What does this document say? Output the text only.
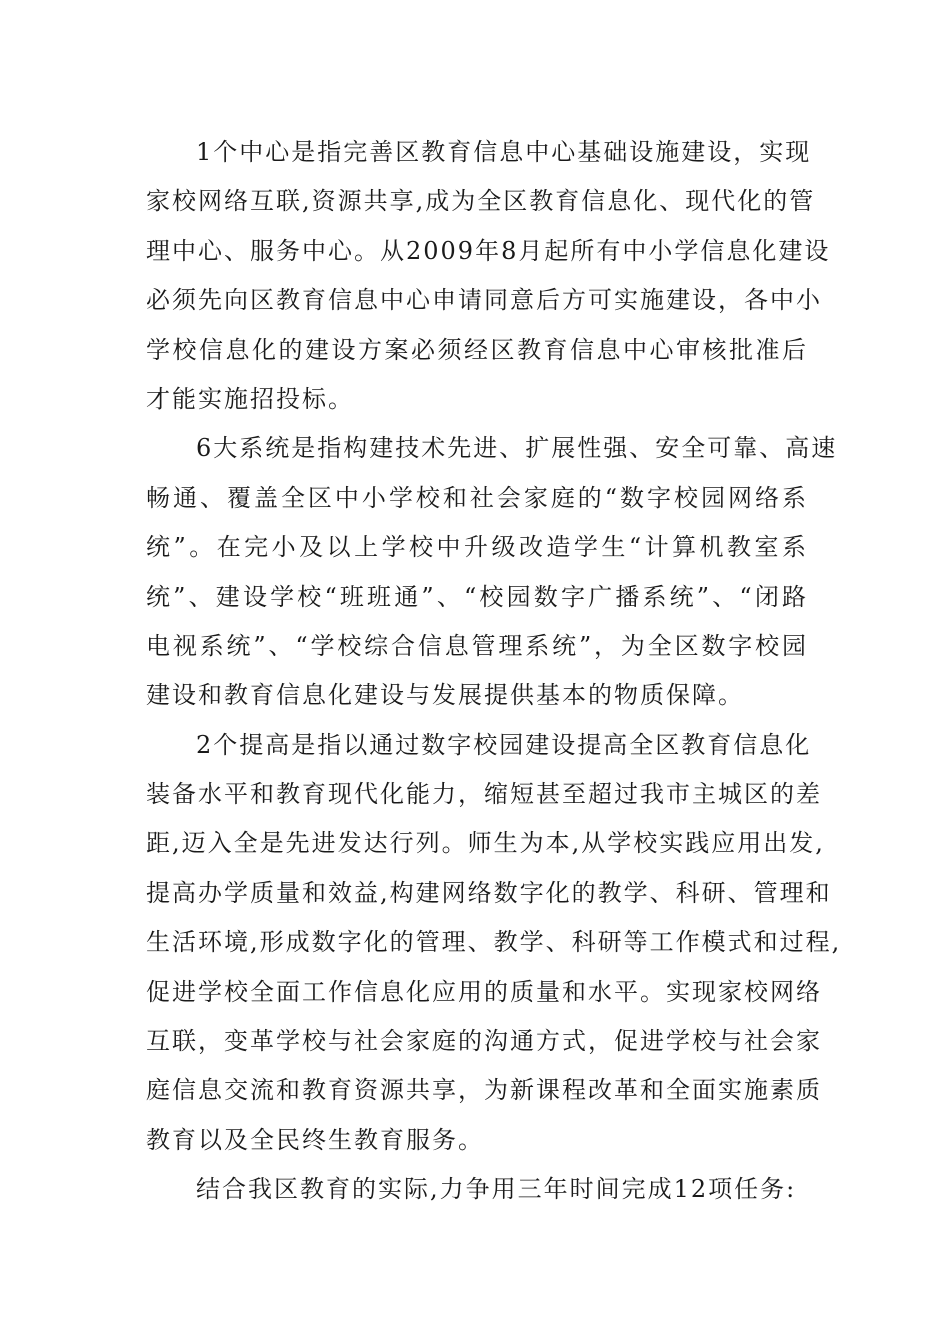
1个中心是指完善区教育信息中心基础设施建设，实现
家校网络互联,资源共享,成为全区教育信息化、现代化的管
理中心、服务中心。从2009年8月起所有中小学信息化建设
必须先向区教育信息中心申请同意后方可实施建设，各中小
学校信息化的建设方案必须经区教育信息中心审核批准后
才能实施招投标。
6大系统是指构建技术先进、扩展性强、安全可靠、高速
畅通、覆盖全区中小学校和社会家庭的“数字校园网络系
统”。在完小及以上学校中升级改造学生“计算机教室系
统”、建设学校“班班通”、“校园数字广播系统”、“闭路
电视系统”、“学校综合信息管理系统”，为全区数字校园
建设和教育信息化建设与发展提供基本的物质保障。
2个提高是指以通过数字校园建设提高全区教育信息化
装备水平和教育现代化能力，缩短甚至超过我市主城区的差
距,迈入全是先进发达行列。师生为本,从学校实践应用出发,
提高办学质量和效益,构建网络数字化的教学、科研、管理和
生活环境,形成数字化的管理、教学、科研等工作模式和过程,
促进学校全面工作信息化应用的质量和水平。实现家校网络
互联，变革学校与社会家庭的沟通方式，促进学校与社会家
庭信息交流和教育资源共享，为新课程改革和全面实施素质
教育以及全民终生教育服务。
结合我区教育的实际,力争用三年时间完成12项任务:
